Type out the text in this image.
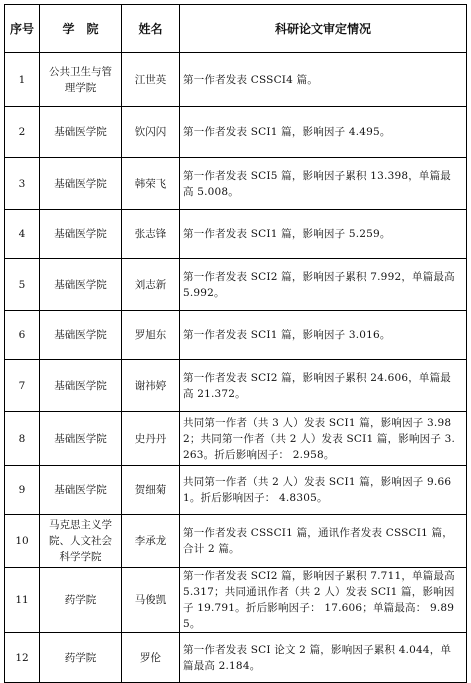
序号	学　院	姓名	科研论文审定情况
1	公共卫生与管理学院	江世英	第一作者发表 CSSCI4 篇。

2	基础医学院	钦闪闪	第一作者发表 SCI1 篇，影响因子 4.495。

3	基础医学院	韩荣飞	第一作者发表 SCI5 篇，影响因子累积 13.398，单篇最高 5.008。

4	基础医学院	张志锋	第一作者发表 SCI1 篇，影响因子 5.259。

5	基础医学院	刘志新	第一作者发表 SCI2 篇，影响因子累积 7.992，单篇最高 5.992。

6	基础医学院	罗旭东	第一作者发表 SCI1 篇，影响因子 3.016。

7	基础医学院	谢祎婷	第一作者发表 SCI2 篇，影响因子累积 24.606，单篇最高 21.372。

8	基础医学院	史丹丹	共同第一作者（共 3 人）发表 SCI1 篇，影响因子 3.982；共同第一作者（共 2 人）发表 SCI1 篇，影响因子 3.263。折后影响因子： 2.958。

9	基础医学院	贺细菊	共同第一作者（共 2 人）发表 SCI1 篇，影响因子 9.661。折后影响因子： 4.8305。

10	马克思主义学院、人文社会科学学院	李承龙	第一作者发表 CSSCI1 篇，通讯作者发表 CSSCI1 篇，合计 2 篇。

11	药学院	马俊凯	第一作者发表 SCI2 篇，影响因子累积 7.711，单篇最高 5.317；共同通讯作者（共 2 人）发表 SCI1 篇，影响因子 19.791。折后影响因子： 17.606；单篇最高： 9.895。

12	药学院	罗伦	第一作者发表 SCI 论文 2 篇，影响因子累积 4.044，单篇最高 2.184。
